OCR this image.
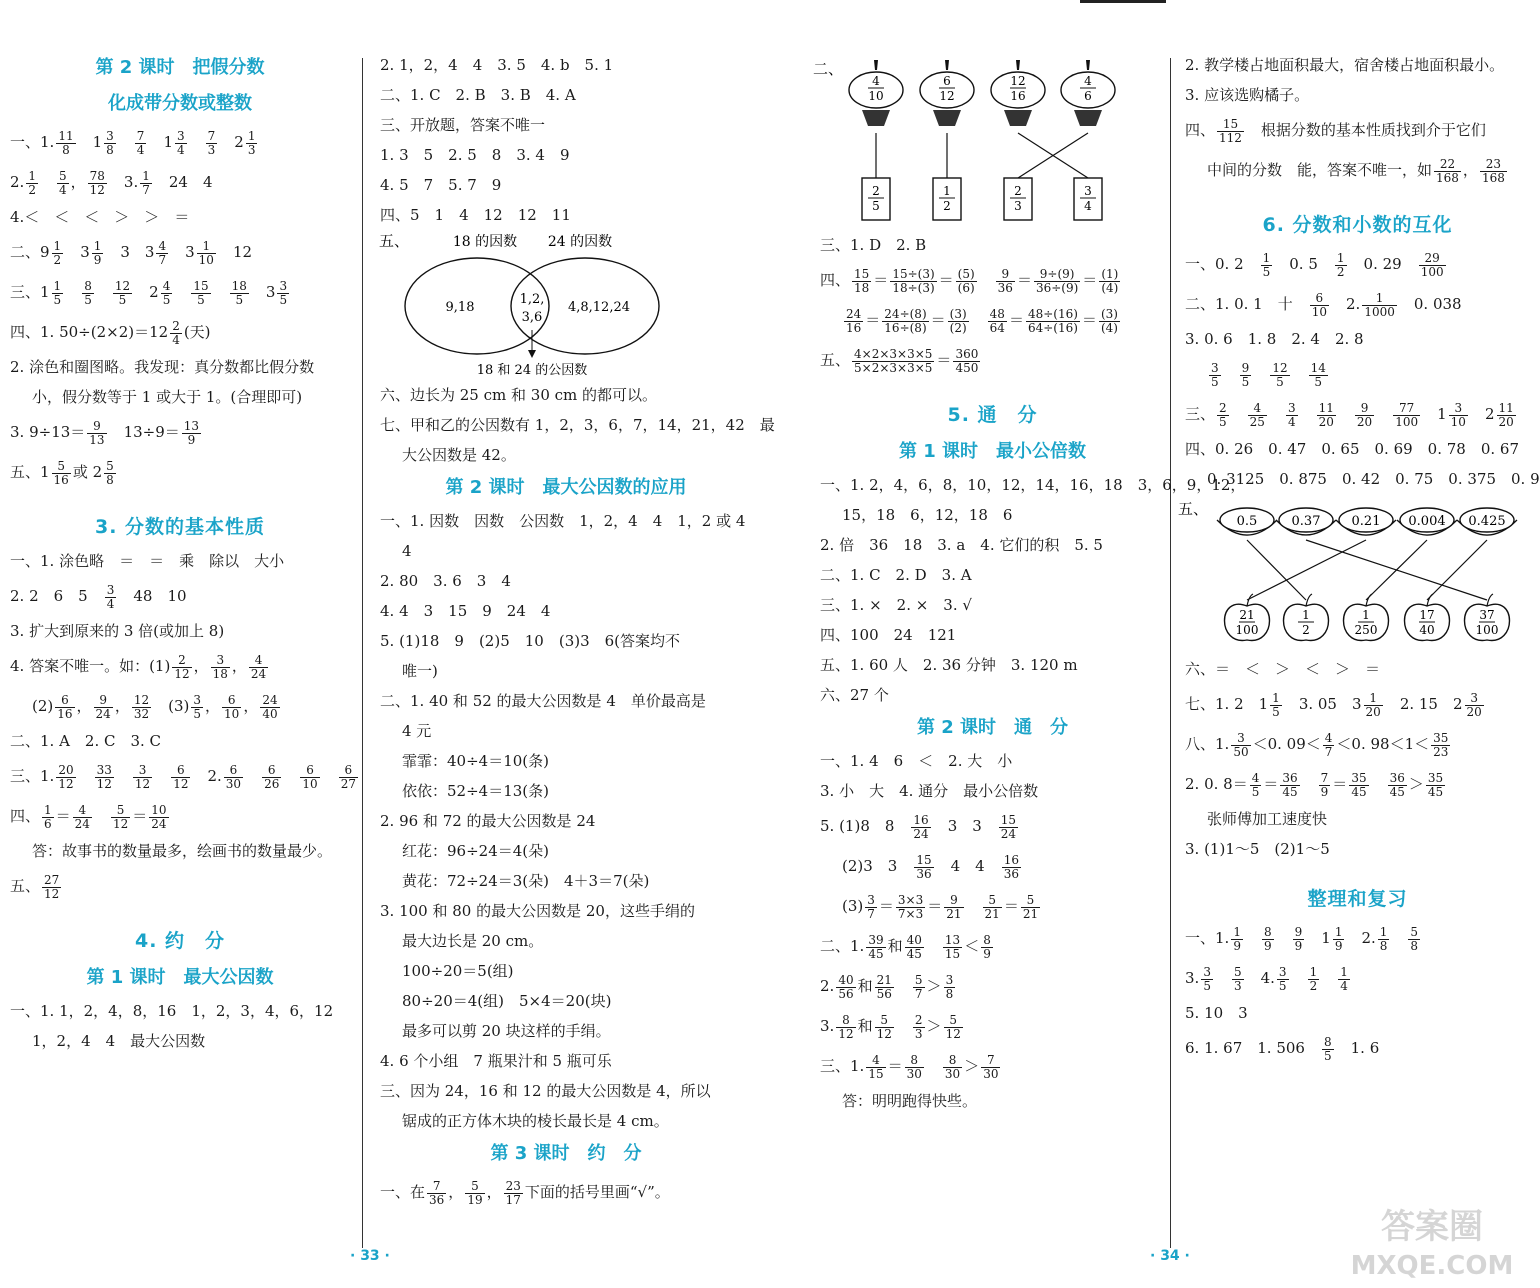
第 2 课时　把假分数
化成带分数或整数
一、1. $\frac{11}{8}$ 　$1 \frac{3}{8}$
　 $\frac{7}{4}$ 　$1 \frac{3}{4}$
　 $\frac{7}{3}$ 　$2 \frac{1}{3}$
2. $\frac{1}{2}$
　 $\frac{5}{4}$ ， $\frac{78}{12}$ 　3. $\frac{1}{7}$ 　24　4
4.＜　＜　＜　＞　＞　＝
二、$9 \frac{1}{2}$ 　$3 \frac{1}{9}$ 　3　$3 \frac{4}{7}$ 　$3 \frac{1}{10}$ 　12
三、$1 \frac{1}{5}$
　 $\frac{8}{5}$
　 $\frac{12}{5}$ 　$2 \frac{4}{5}$
　 $\frac{15}{5}$
　 $\frac{18}{5}$ 　$3 \frac{3}{5}$
四、1. $50\div(2\times 2)=12 \frac{2}{4}$ (天)
2. 涂色和圈图略。我发现：真分数都比假分数
小，假分数等于 1 或大于 1。(合理即可)
3. $9\div 13= \frac{9}{13}$ 　$13\div 9= \frac{13}{9}$
五、$1 \frac{5}{16}$ 或 $2 \frac{5}{8}$
3. 分数的基本性质
一、1. 涂色略　＝　＝　乘　除以　大小
2. 2　6　5　 $\frac{3}{4}$ 　48　10
3. 扩大到原来的 3 倍(或加上 8)
4. 答案不唯一。如：$(1) \frac{2}{12}$ ， $\frac{3}{18}$ ， $\frac{4}{24}$
$(2) \frac{6}{16}$ ， $\frac{9}{24}$ ， $\frac{12}{32}$ 　$(3) \frac{3}{5}$ ， $\frac{6}{10}$ ， $\frac{24}{40}$
二、1. A　2. C　3. C
三、1. $\frac{20}{12}$
　 $\frac{33}{12}$
　 $\frac{3}{12}$
　 $\frac{6}{12}$ 　2. $\frac{6}{30}$
　 $\frac{6}{26}$
　 $\frac{6}{10}$
　 $\frac{6}{27}$
四、 $\frac{1}{6} = \frac{4}{24}$
　 $\frac{5}{12} = \frac{10}{24}$
答：故事书的数量最多，绘画书的数量最少。
五、 $\frac{27}{12}$
4. 约　分
第 1 课时　最大公因数
一、1. 1，2，4，8，16　1，2，3，4，6，12
1，2，4　4　最大公因数
2. 1，2，4　4　3. 5　4. b　5. 1
二、1. C　2. B　3. B　4. A
三、开放题，答案不唯一
1. 3　5　2. 5　8　3. 4　9
4. 5　7　5. 7　9
四、5　1　4　12　12　11
五、	18 的因数 24 的因数
9,18
1,2,
3,6
4,8,12,24
18 和 24 的公因数
六、边长为 25 cm 和 30 cm 的都可以。
七、甲和乙的公因数有 1，2，3，6，7，14，21，42　最
大公因数是 42。
第 2 课时　最大公因数的应用
一、1. 因数　因数　公因数　1，2，4　4　1，2 或 4
4
2. 80　3. 6　3　4
4. 4　3　15　9　24　4
5. (1)18　9　(2)5　10　(3)3　6(答案均不
唯一)
二、1. 40 和 52 的最大公因数是 4　单价最高是
4 元
霏霏：40÷4＝10(条)
依依：52÷4＝13(条)
2. 96 和 72 的最大公因数是 24
红花：96÷24＝4(朵)
黄花：72÷24＝3(朵)　4＋3＝7(朵)
3. 100 和 80 的最大公因数是 20，这些手绢的
最大边长是 20 cm。
100÷20＝5(组)
80÷20＝4(组)　5×4＝20(块)
最多可以剪 20 块这样的手绢。
4. 6 个小组　7 瓶果汁和 5 瓶可乐
三、因为 24，16 和 12 的最大公因数是 4，所以
锯成的正方体木块的棱长最长是 4 cm。
第 3 课时　约　分
一、在 $\frac{7}{36}$ ， $\frac{5}{19}$ ， $\frac{23}{17}$ 下面的括号里画“√”。
二、
4
10
6
12
12
16
4
6
2
5
1
2
2
3
3
4
三、1. D　2. B
四、 $\frac{15}{18} = \frac{15\div(3)}{18\div(3)} = \frac{(5)}{(6)}$
　 $\frac{9}{36} = \frac{9\div(9)}{36\div(9)} = \frac{(1)}{(4)}$
$\frac{24}{16} = \frac{24\div(8)}{16\div(8)} = \frac{(3)}{(2)}$
　 $\frac{48}{64} = \frac{48\div(16)}{64\div(16)} = \frac{(3)}{(4)}$
五、 $\frac{4\times 2\times 3\times 3\times 5}{5\times 2\times 3\times 3\times 5} = \frac{360}{450}$
5. 通　分
第 1 课时　最小公倍数
一、1. 2，4，6，8，10，12，14，16，18　3，6，9，12，
15，18　6，12，18　6
2. 倍　36　18　3. a　4. 它们的积　5. 5
二、1. C　2. D　3. A
三、1. ×　2. ×　3. √
四、100　24　121
五、1. 60 人　2. 36 分钟　3. 120 m
六、27 个
第 2 课时　通　分
一、1. 4　6　＜　2. 大　小
3. 小　大　4. 通分　最小公倍数
5. (1)8　8　 $\frac{16}{24}$ 　3　3　 $\frac{15}{24}$
(2)3　3　 $\frac{15}{36}$ 　4　4　 $\frac{16}{36}$
$(3) \frac{3}{7} = \frac{3\times 3}{7\times 3} = \frac{9}{21}$
　 $\frac{5}{21} = \frac{5}{21}$
二、1. $\frac{39}{45}$ 和 $\frac{40}{45}$
　 $\frac{13}{15} < \frac{8}{9}$
2. $\frac{40}{56}$ 和 $\frac{21}{56}$
　 $\frac{5}{7} > \frac{3}{8}$
3. $\frac{8}{12}$ 和 $\frac{5}{12}$
　 $\frac{2}{3} > \frac{5}{12}$
三、1. $\frac{4}{15} = \frac{8}{30}$
　 $\frac{8}{30} > \frac{7}{30}$
答：明明跑得快些。
2. 教学楼占地面积最大，宿舍楼占地面积最小。
3. 应该选购橘子。
四、 $\frac{15}{112}$ 　根据分数的基本性质找到介于它们
中间的分数　能，答案不唯一，如 $\frac{22}{168}$ ， $\frac{23}{168}$
6. 分数和小数的互化
一、0. 2　 $\frac{1}{5}$ 　0. 5　 $\frac{1}{2}$ 　0. 29　 $\frac{29}{100}$
二、1. 0. 1　十　 $\frac{6}{10}$ 　2. $\frac{1}{1000}$ 　0. 038
3. 0. 6　1. 8　2. 4　2. 8
$\frac{3}{5}$
　 $\frac{9}{5}$
　 $\frac{12}{5}$
　 $\frac{14}{5}$
三、 $\frac{2}{5}$
　 $\frac{4}{25}$
　 $\frac{3}{4}$
　 $\frac{11}{20}$
　 $\frac{9}{20}$
　 $\frac{77}{100}$ 　$1 \frac{3}{10}$ 　$2 \frac{11}{20}$
四、0. 26　0. 47　0. 65　0. 69　0. 78　0. 67
0. 3125　0. 875　0. 42　0. 75　0. 375　0. 9
五、
0.5	0.37 0.21 0.004 0.425
21
100
1
2
1
250
17
40
37
100
六、＝　＜　＞　＜　＞　＝
七、1. 2　$1 \frac{1}{5}$ 　3. 05　$3 \frac{1}{20}$ 　2. 15　$2 \frac{3}{20}$
八、1. $\frac{3}{50} <0$. $09< \frac{4}{7} <0$. $98<1< \frac{35}{23}$
2. 0. $8= \frac{4}{5} = \frac{36}{45}$
　 $\frac{7}{9} = \frac{35}{45}$
　 $\frac{36}{45} > \frac{35}{45}$
张师傅加工速度快
3. (1)1～5　(2)1～5
整理和复习
一、1. $\frac{1}{9}$
　 $\frac{8}{9}$
　 $\frac{9}{9}$ 　$1 \frac{1}{9}$ 　2. $\frac{1}{8}$
　 $\frac{5}{8}$
3. $\frac{3}{5}$
　 $\frac{5}{3}$ 　4. $\frac{3}{5}$
　 $\frac{1}{2}$
　 $\frac{1}{4}$
5. 10　3
6. 1. 67　1. 506　 $\frac{8}{5}$ 　1. 6
· 33 ·	· 34 ·
答案圈
MXQE.COM
